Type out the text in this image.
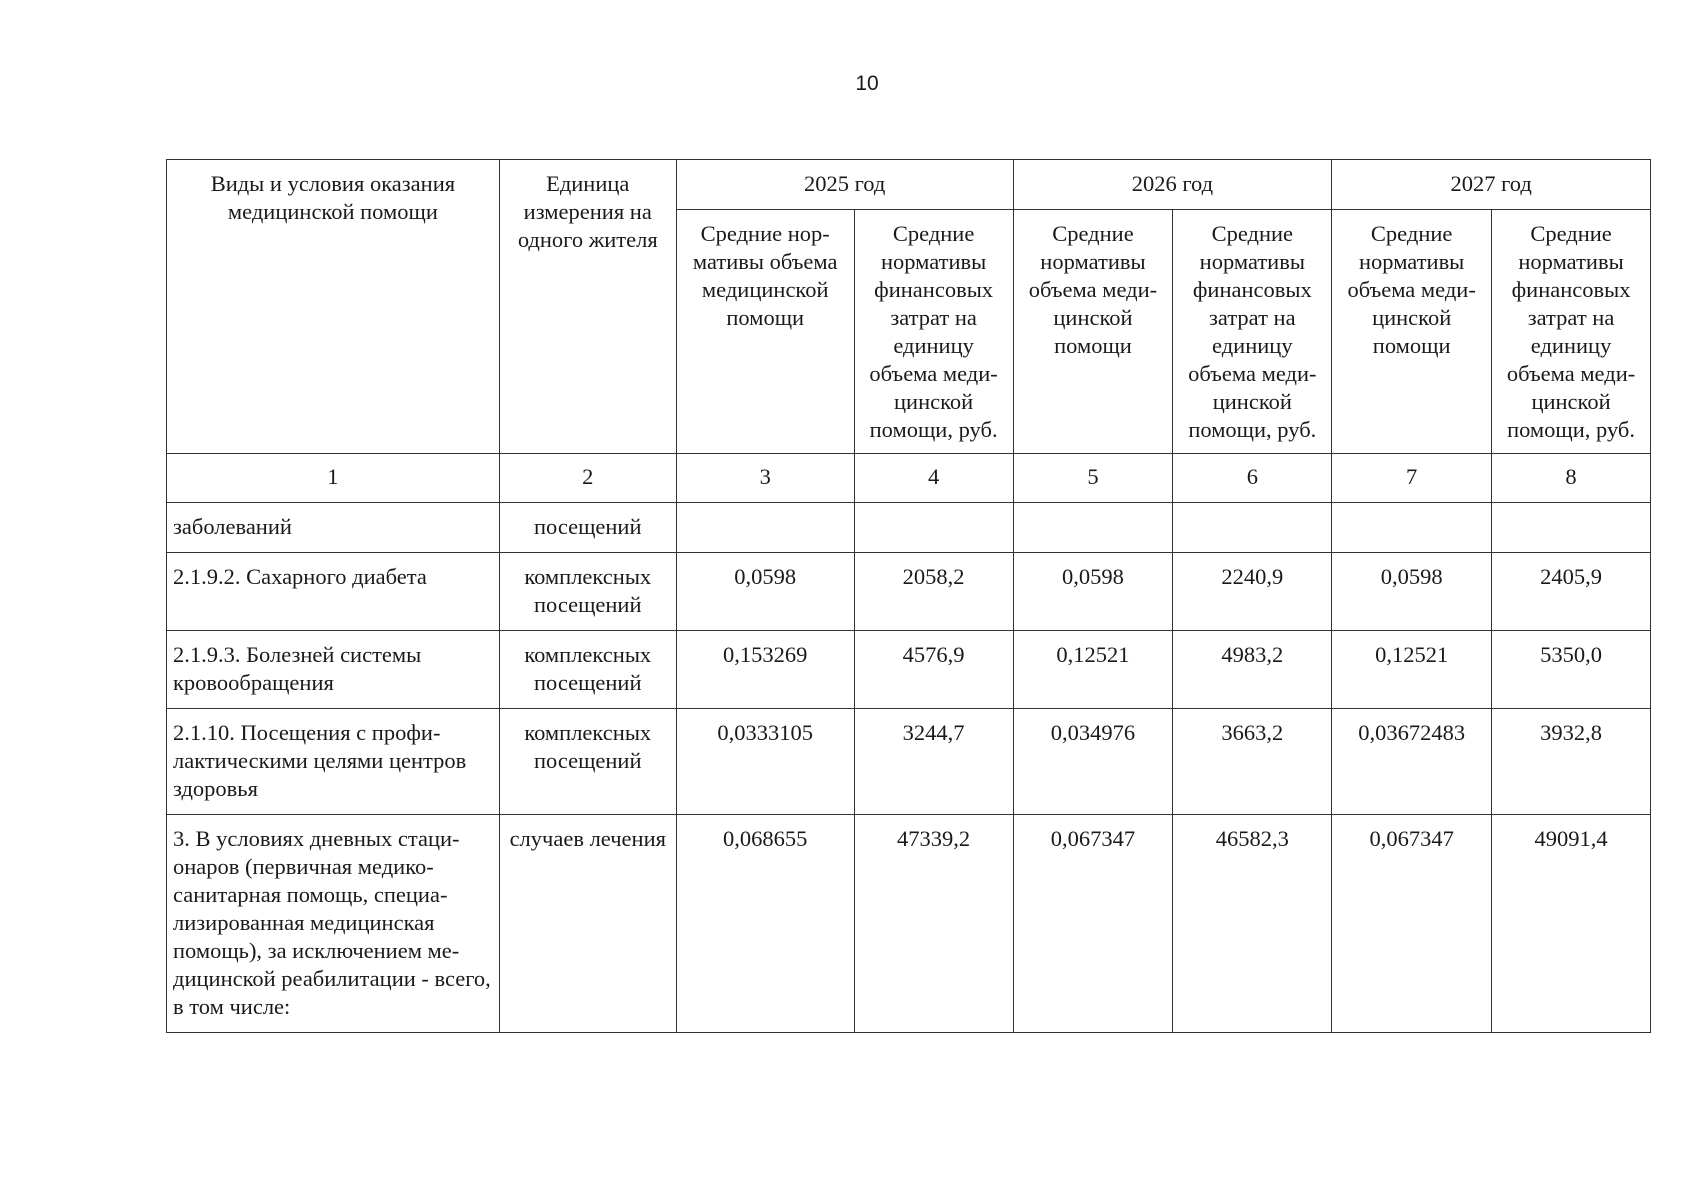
10
Виды и условия оказания медицинской помощи	Единица измерения на одного жителя	2025 год		2026 год		2027 год	
		Средние нормативы объема медицинской помощи	Средние нормативы финансовых затрат на единицу объема медицинской помощи, руб.	Средние нормативы объема медицинской помощи	Средние нормативы финансовых затрат на единицу объема медицинской помощи, руб.	Средние нормативы объема медицинской помощи	Средние нормативы финансовых затрат на единицу объема медицинской помощи, руб.
1	2	3	4	5	6	7	8
заболеваний	посещений						
2.1.9.2. Сахарного диабета	комплексных посещений	0,0598	2058,2	0,0598	2240,9	0,0598	2405,9
2.1.9.3. Болезней системы кровообращения	комплексных посещений	0,153269	4576,9	0,12521	4983,2	0,12521	5350,0
2.1.10. Посещения с профилактическими целями центров здоровья	комплексных посещений	0,0333105	3244,7	0,034976	3663,2	0,03672483	3932,8
3. В условиях дневных стационаров (первичная медико-санитарная помощь, специализированная медицинская помощь), за исключением медицинской реабилитации - всего, в том числе:	случаев лечения	0,068655	47339,2	0,067347	46582,3	0,067347	49091,4
